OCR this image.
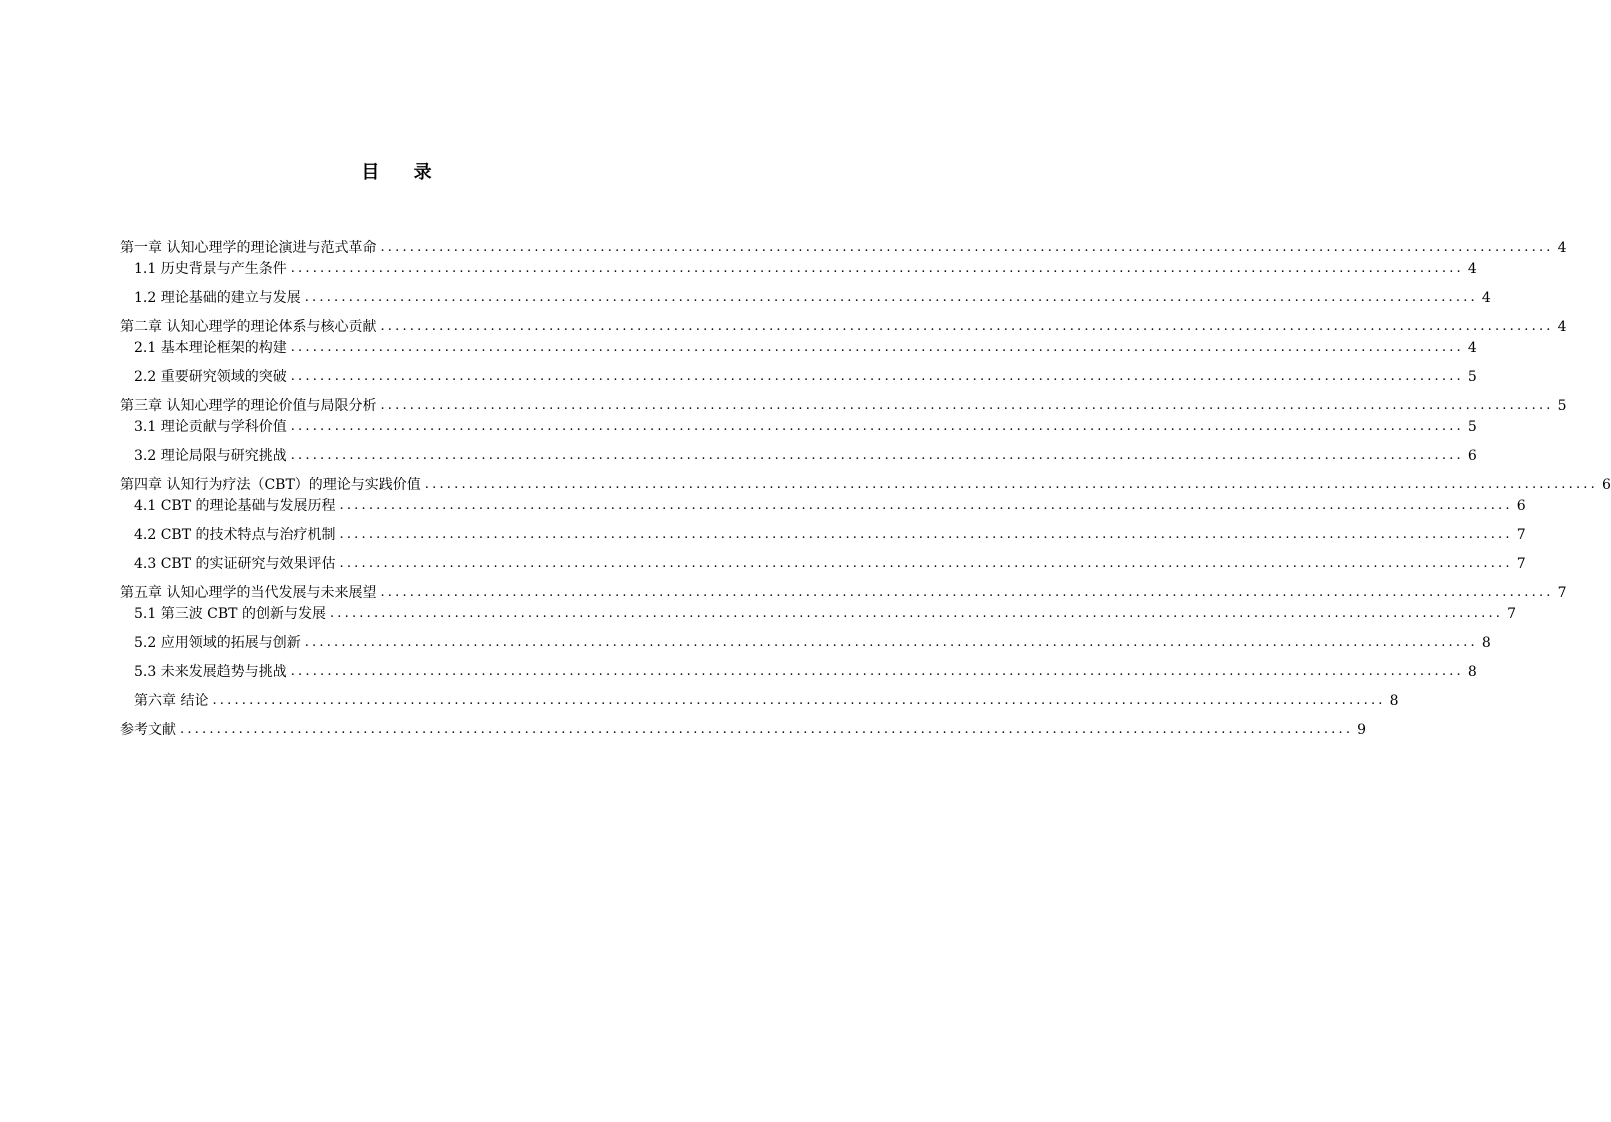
目 录
第一章 认知心理学的理论演进与范式革命 ................................................................................................................................................................ 4
1.1 历史背景与产生条件 ................................................................................................................................................................ 4
1.2 理论基础的建立与发展 ................................................................................................................................................................ 4
第二章 认知心理学的理论体系与核心贡献 ................................................................................................................................................................ 4
2.1 基本理论框架的构建 ................................................................................................................................................................ 4
2.2 重要研究领域的突破 ................................................................................................................................................................ 5
第三章 认知心理学的理论价值与局限分析 ................................................................................................................................................................ 5
3.1 理论贡献与学科价值 ................................................................................................................................................................ 5
3.2 理论局限与研究挑战 ................................................................................................................................................................ 6
第四章 认知行为疗法（CBT）的理论与实践价值 ................................................................................................................................................................ 6
4.1 CBT 的理论基础与发展历程 ................................................................................................................................................................ 6
4.2 CBT 的技术特点与治疗机制 ................................................................................................................................................................ 7
4.3 CBT 的实证研究与效果评估 ................................................................................................................................................................ 7
第五章 认知心理学的当代发展与未来展望 ................................................................................................................................................................ 7
5.1 第三波 CBT 的创新与发展 ................................................................................................................................................................ 7
5.2 应用领域的拓展与创新 ................................................................................................................................................................ 8
5.3 未来发展趋势与挑战 ................................................................................................................................................................ 8
第六章 结论 ................................................................................................................................................................ 8
参考文献 ................................................................................................................................................................ 9
